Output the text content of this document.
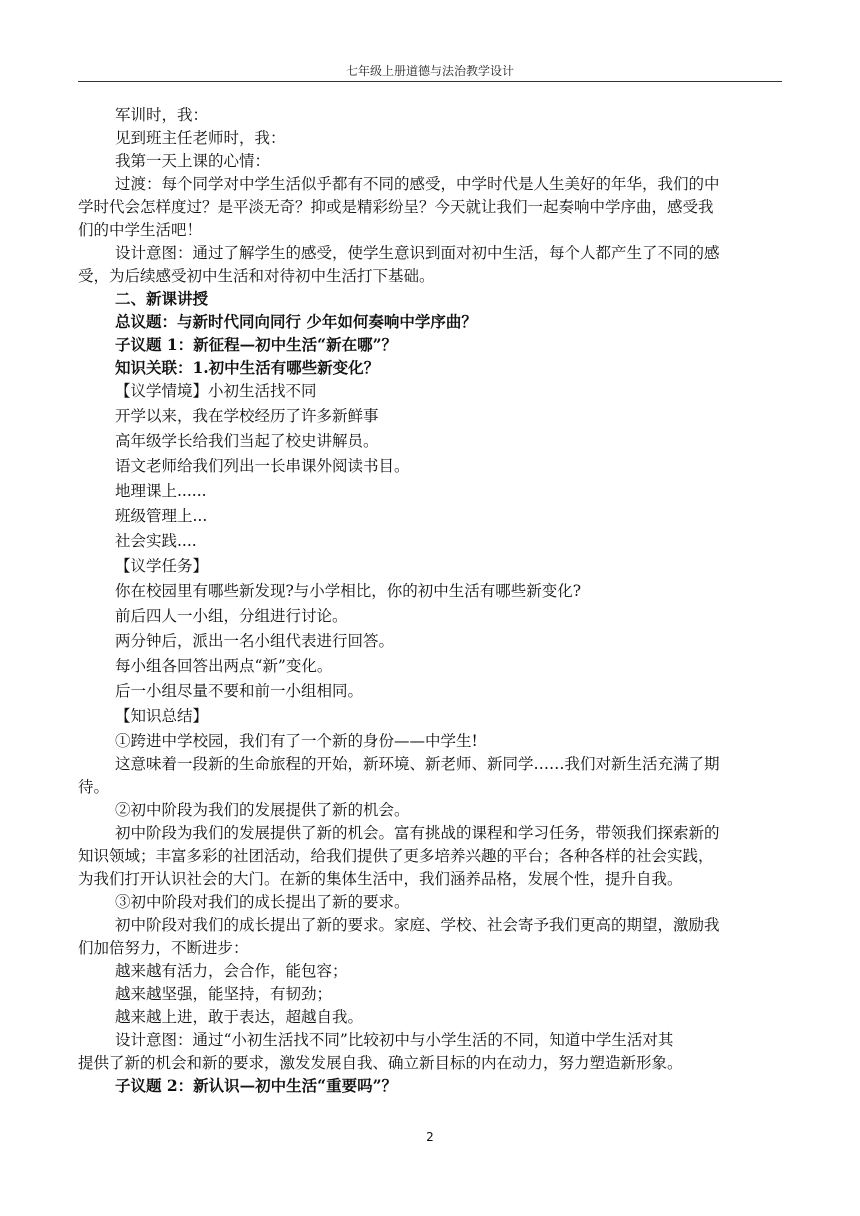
七年级上册道德与法治教学设计
军训时，我：
见到班主任老师时，我：
我第一天上课的心情：
过渡：每个同学对中学生活似乎都有不同的感受，中学时代是人生美好的年华，我们的中
学时代会怎样度过？是平淡无奇？抑或是精彩纷呈？今天就让我们一起奏响中学序曲，感受我
们的中学生活吧！
设计意图：通过了解学生的感受，使学生意识到面对初中生活，每个人都产生了不同的感
受，为后续感受初中生活和对待初中生活打下基础。
二、新课讲授
总议题：与新时代同向同行 少年如何奏响中学序曲？
子议题 1：新征程—初中生活“新在哪”？
知识关联：1.初中生活有哪些新变化？
【议学情境】小初生活找不同
开学以来，我在学校经历了许多新鲜事
高年级学长给我们当起了校史讲解员。
语文老师给我们列出一长串课外阅读书目。
地理课上......
班级管理上...
社会实践....
【议学任务】
你在校园里有哪些新发现?与小学相比，你的初中生活有哪些新变化?
前后四人一小组，分组进行讨论。
两分钟后，派出一名小组代表进行回答。
每小组各回答出两点“新”变化。
后一小组尽量不要和前一小组相同。
【知识总结】
①跨进中学校园，我们有了一个新的身份——中学生!
这意味着一段新的生命旅程的开始，新环境、新老师、新同学……我们对新生活充满了期
待。
②初中阶段为我们的发展提供了新的机会。
初中阶段为我们的发展提供了新的机会。富有挑战的课程和学习任务，带领我们探索新的
知识领域；丰富多彩的社团活动，给我们提供了更多培养兴趣的平台；各种各样的社会实践，
为我们打开认识社会的大门。在新的集体生活中，我们涵养品格，发展个性，提升自我。
③初中阶段对我们的成长提出了新的要求。
初中阶段对我们的成长提出了新的要求。家庭、学校、社会寄予我们更高的期望，激励我
们加倍努力，不断进步：
越来越有活力，会合作，能包容；
越来越坚强，能坚持，有韧劲；
越来越上进，敢于表达，超越自我。
设计意图：通过“小初生活找不同”比较初中与小学生活的不同，知道中学生活对其
提供了新的机会和新的要求，激发发展自我、确立新目标的内在动力，努力塑造新形象。
子议题 2：新认识—初中生活“重要吗”？
2
